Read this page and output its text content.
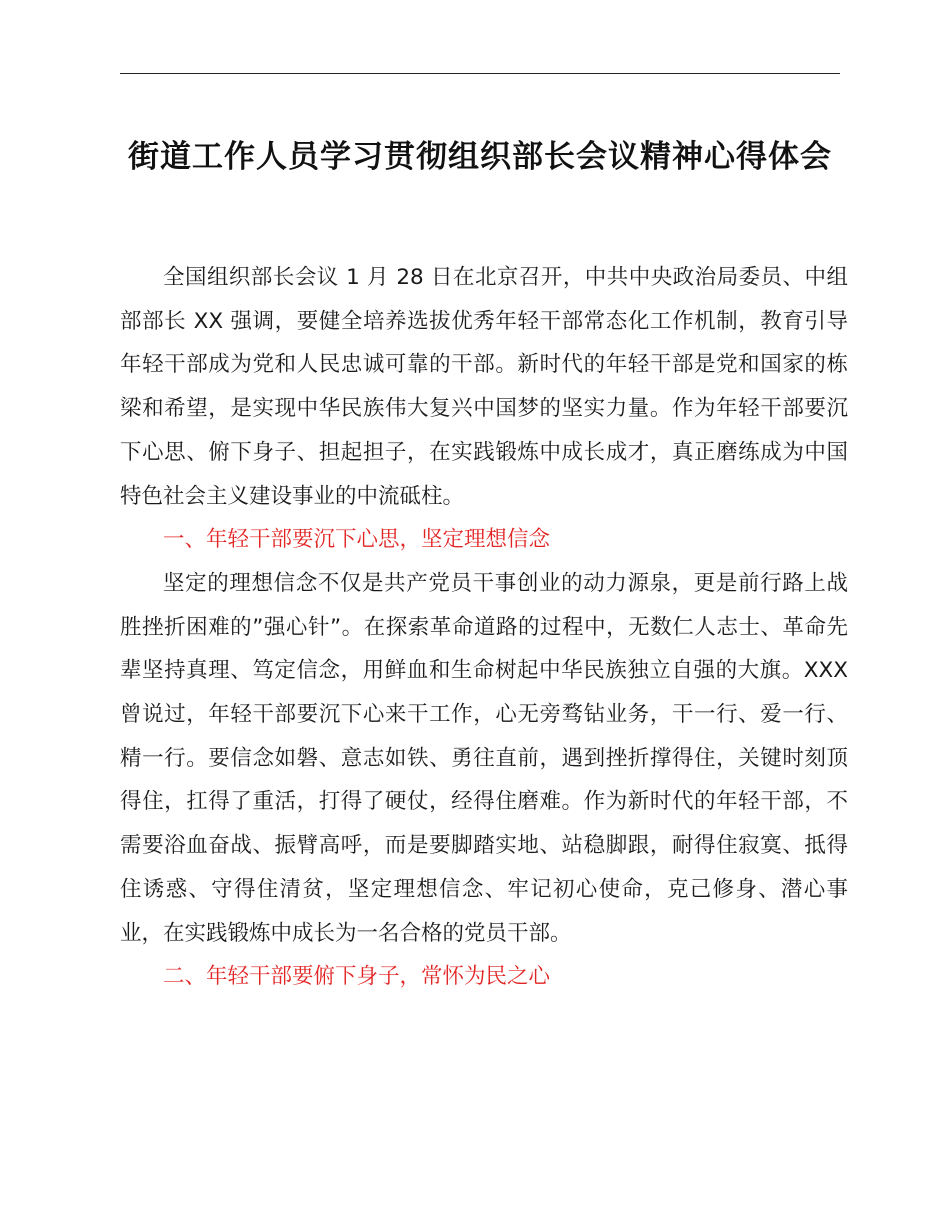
街道工作人员学习贯彻组织部长会议精神心得体会

全国组织部长会议 1 月 28 日在北京召开，中共中央政治局委员、中组部部长 XX 强调，要健全培养选拔优秀年轻干部常态化工作机制，教育引导年轻干部成为党和人民忠诚可靠的干部。新时代的年轻干部是党和国家的栋梁和希望，是实现中华民族伟大复兴中国梦的坚实力量。作为年轻干部要沉下心思、俯下身子、担起担子，在实践锻炼中成长成才，真正磨练成为中国特色社会主义建设事业的中流砥柱。

一、年轻干部要沉下心思，坚定理想信念

坚定的理想信念不仅是共产党员干事创业的动力源泉，更是前行路上战胜挫折困难的”强心针”。在探索革命道路的过程中，无数仁人志士、革命先辈坚持真理、笃定信念，用鲜血和生命树起中华民族独立自强的大旗。XXX 曾说过，年轻干部要沉下心来干工作，心无旁骛钻业务，干一行、爱一行、精一行。要信念如磐、意志如铁、勇往直前，遇到挫折撑得住，关键时刻顶得住，扛得了重活，打得了硬仗，经得住磨难。作为新时代的年轻干部，不需要浴血奋战、振臂高呼，而是要脚踏实地、站稳脚跟，耐得住寂寞、抵得住诱惑、守得住清贫，坚定理想信念、牢记初心使命，克己修身、潜心事业，在实践锻炼中成长为一名合格的党员干部。

二、年轻干部要俯下身子，常怀为民之心
